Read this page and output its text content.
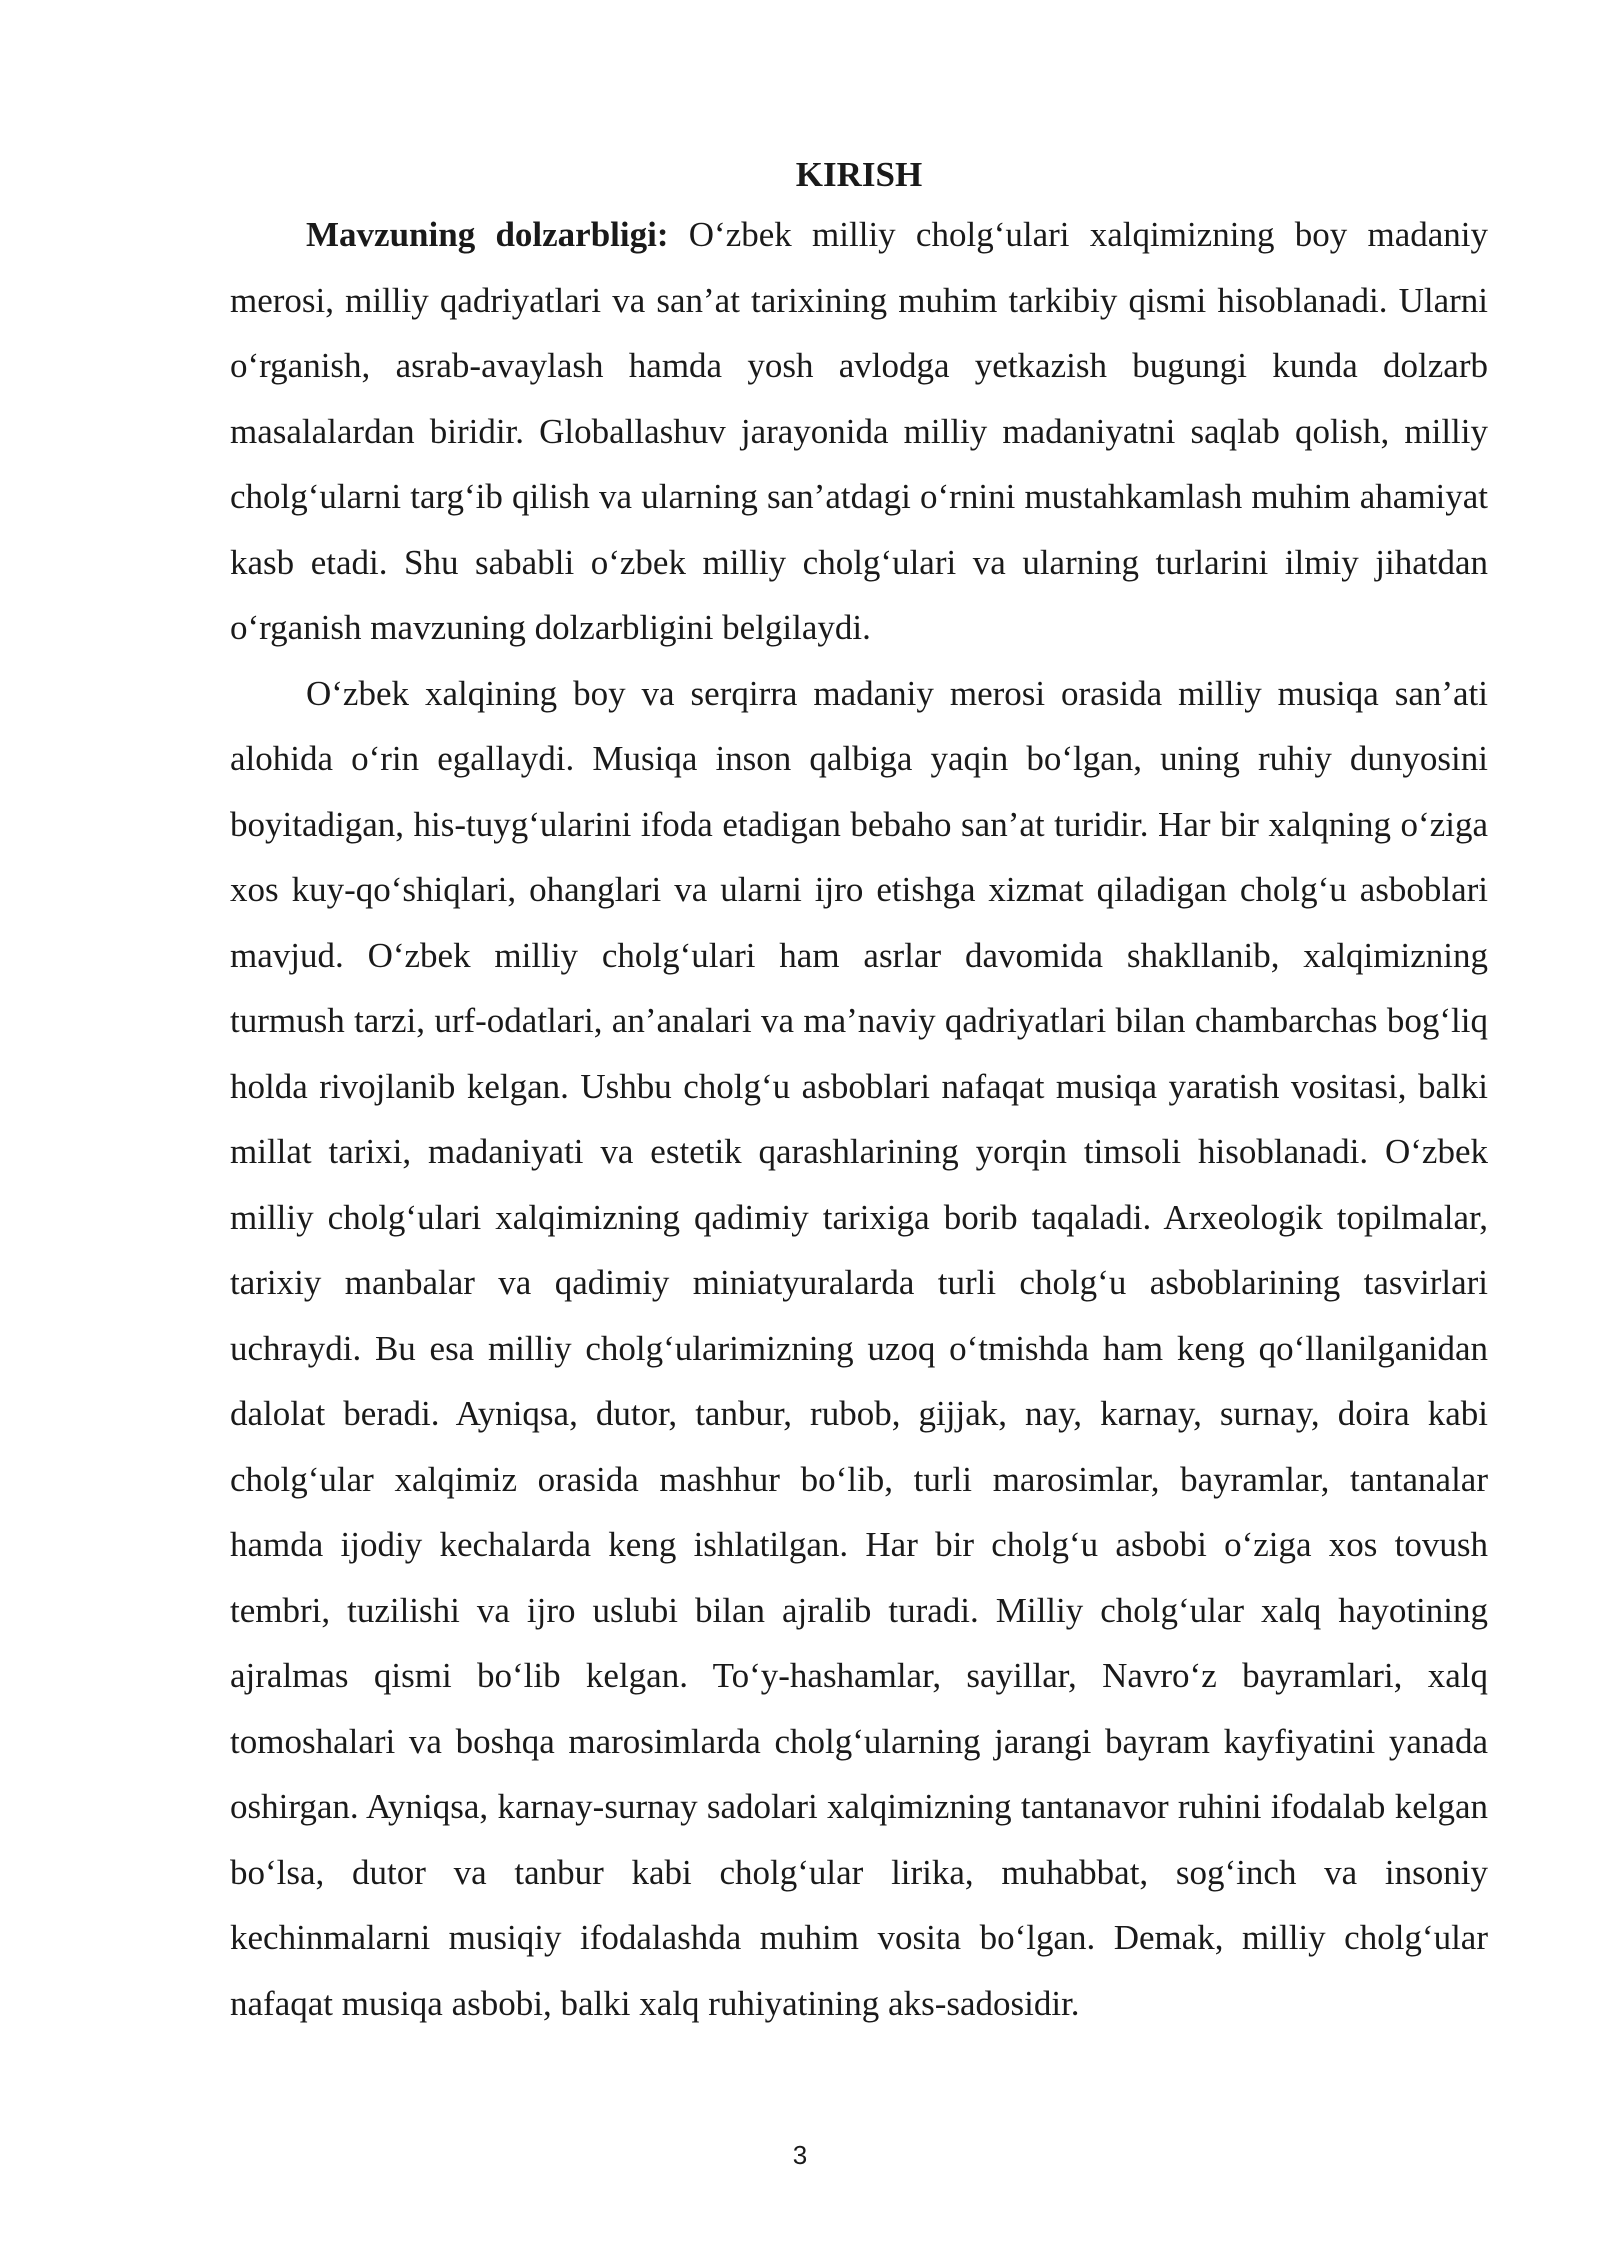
KIRISH

Mavzuning dolzarbligi: O‘zbek milliy cholg‘ulari xalqimizning boy madaniy merosi, milliy qadriyatlari va san’at tarixining muhim tarkibiy qismi hisoblanadi. Ularni o‘rganish, asrab-avaylash hamda yosh avlodga yetkazish bugungi kunda dolzarb masalalardan biridir. Globallashuv jarayonida milliy madaniyatni saqlab qolish, milliy cholg‘ularni targ‘ib qilish va ularning san’atdagi o‘rnini mustahkamlash muhim ahamiyat kasb etadi. Shu sababli o‘zbek milliy cholg‘ulari va ularning turlarini ilmiy jihatdan o‘rganish mavzuning dolzarbligini belgilaydi.

O‘zbek xalqining boy va serqirra madaniy merosi orasida milliy musiqa san’ati alohida o‘rin egallaydi. Musiqa inson qalbiga yaqin bo‘lgan, uning ruhiy dunyosini boyitadigan, his-tuyg‘ularini ifoda etadigan bebaho san’at turidir. Har bir xalqning o‘ziga xos kuy-qo‘shiqlari, ohanglari va ularni ijro etishga xizmat qiladigan cholg‘u asboblari mavjud. O‘zbek milliy cholg‘ulari ham asrlar davomida shakllanib, xalqimizning turmush tarzi, urf-odatlari, an’analari va ma’naviy qadriyatlari bilan chambarchas bog‘liq holda rivojlanib kelgan. Ushbu cholg‘u asboblari nafaqat musiqa yaratish vositasi, balki millat tarixi, madaniyati va estetik qarashlarining yorqin timsoli hisoblanadi. O‘zbek milliy cholg‘ulari xalqimizning qadimiy tarixiga borib taqaladi. Arxeologik topilmalar, tarixiy manbalar va qadimiy miniatyuralarda turli cholg‘u asboblarining tasvirlari uchraydi. Bu esa milliy cholg‘ularimizning uzoq o‘tmishda ham keng qo‘llanilganidan dalolat beradi. Ayniqsa, dutor, tanbur, rubob, gijjak, nay, karnay, surnay, doira kabi cholg‘ular xalqimiz orasida mashhur bo‘lib, turli marosimlar, bayramlar, tantanalar hamda ijodiy kechalarda keng ishlatilgan. Har bir cholg‘u asbobi o‘ziga xos tovush tembri, tuzilishi va ijro uslubi bilan ajralib turadi. Milliy cholg‘ular xalq hayotining ajralmas qismi bo‘lib kelgan. To‘y-hashamlar, sayillar, Navro‘z bayramlari, xalq tomoshalari va boshqa marosimlarda cholg‘ularning jarangi bayram kayfiyatini yanada oshirgan. Ayniqsa, karnay-surnay sadolari xalqimizning tantanavor ruhini ifodalab kelgan bo‘lsa, dutor va tanbur kabi cholg‘ular lirika, muhabbat, sog‘inch va insoniy kechinmalarni musiqiy ifodalashda muhim vosita bo‘lgan. Demak, milliy cholg‘ular nafaqat musiqa asbobi, balki xalq ruhiyatining aks-sadosidir.

3
